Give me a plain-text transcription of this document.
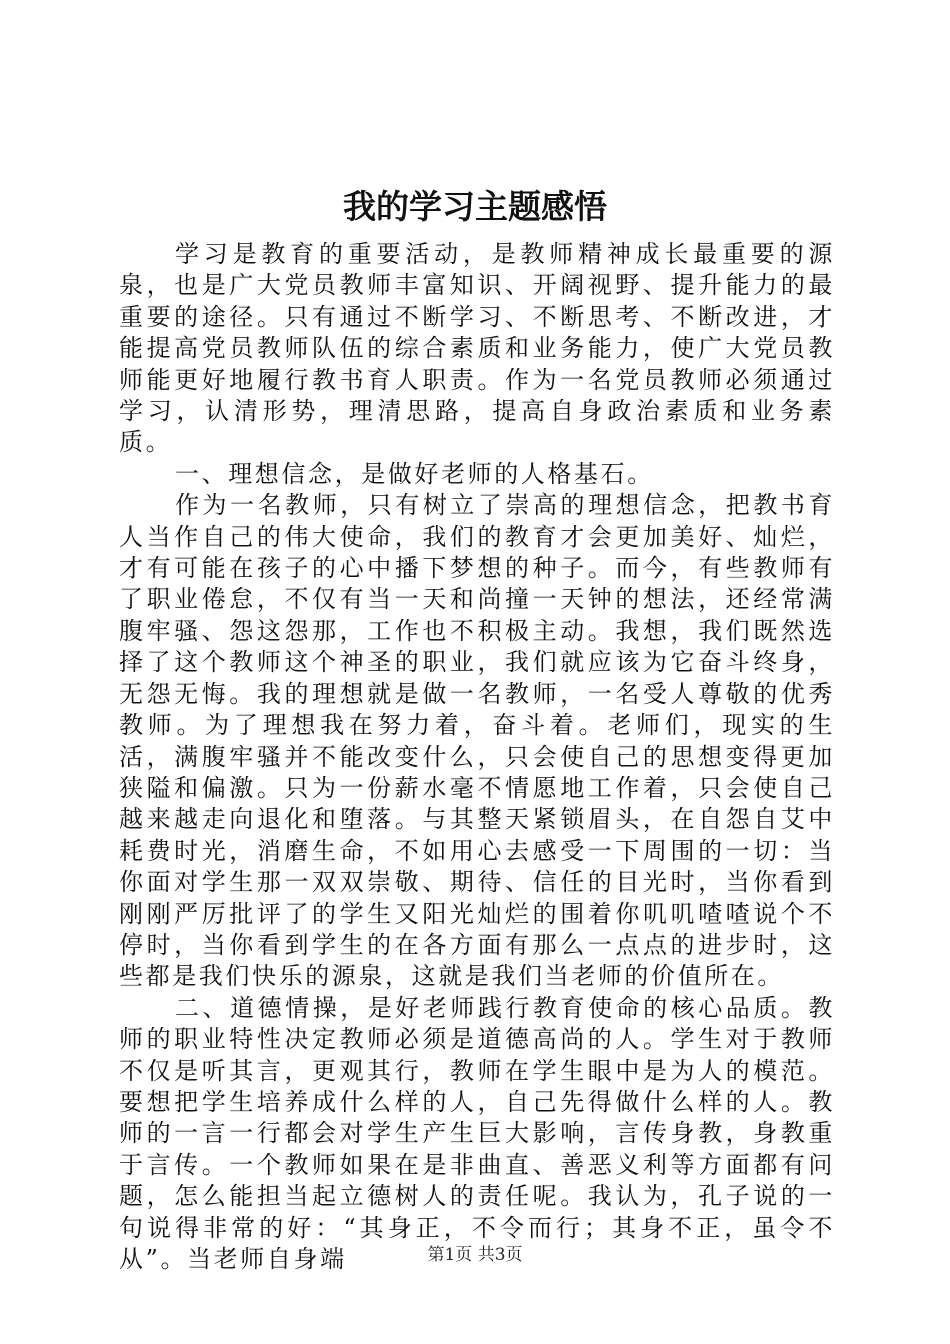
我的学习主题感悟

学习是教育的重要活动，是教师精神成长最重要的源泉，也是广大党员教师丰富知识、开阔视野、提升能力的最重要的途径。只有通过不断学习、不断思考、不断改进，才能提高党员教师队伍的综合素质和业务能力，使广大党员教师能更好地履行教书育人职责。作为一名党员教师必须通过学习，认清形势，理清思路，提高自身政治素质和业务素质。

一、理想信念，是做好老师的人格基石。

作为一名教师，只有树立了崇高的理想信念，把教书育人当作自己的伟大使命，我们的教育才会更加美好、灿烂，才有可能在孩子的心中播下梦想的种子。而今，有些教师有了职业倦怠，不仅有当一天和尚撞一天钟的想法，还经常满腹牢骚、怨这怨那，工作也不积极主动。我想，我们既然选择了这个教师这个神圣的职业，我们就应该为它奋斗终身，无怨无悔。我的理想就是做一名教师，一名受人尊敬的优秀教师。为了理想我在努力着，奋斗着。老师们，现实的生活，满腹牢骚并不能改变什么，只会使自己的思想变得更加狭隘和偏激。只为一份薪水毫不情愿地工作着，只会使自己越来越走向退化和堕落。与其整天紧锁眉头，在自怨自艾中耗费时光，消磨生命，不如用心去感受一下周围的一切：当你面对学生那一双双崇敬、期待、信任的目光时，当你看到刚刚严厉批评了的学生又阳光灿烂的围着你叽叽喳喳说个不停时，当你看到学生的在各方面有那么一点点的进步时，这些都是我们快乐的源泉，这就是我们当老师的价值所在。

二、道德情操，是好老师践行教育使命的核心品质。教师的职业特性决定教师必须是道德高尚的人。学生对于教师不仅是听其言，更观其行，教师在学生眼中是为人的模范。要想把学生培养成什么样的人，自己先得做什么样的人。教师的一言一行都会对学生产生巨大影响，言传身教，身教重于言传。一个教师如果在是非曲直、善恶义利等方面都有问题，怎么能担当起立德树人的责任呢。我认为，孔子说的一句说得非常的好：“其身正，不令而行；其身不正，虽令不从”。当老师自身端	第1页 共3页
